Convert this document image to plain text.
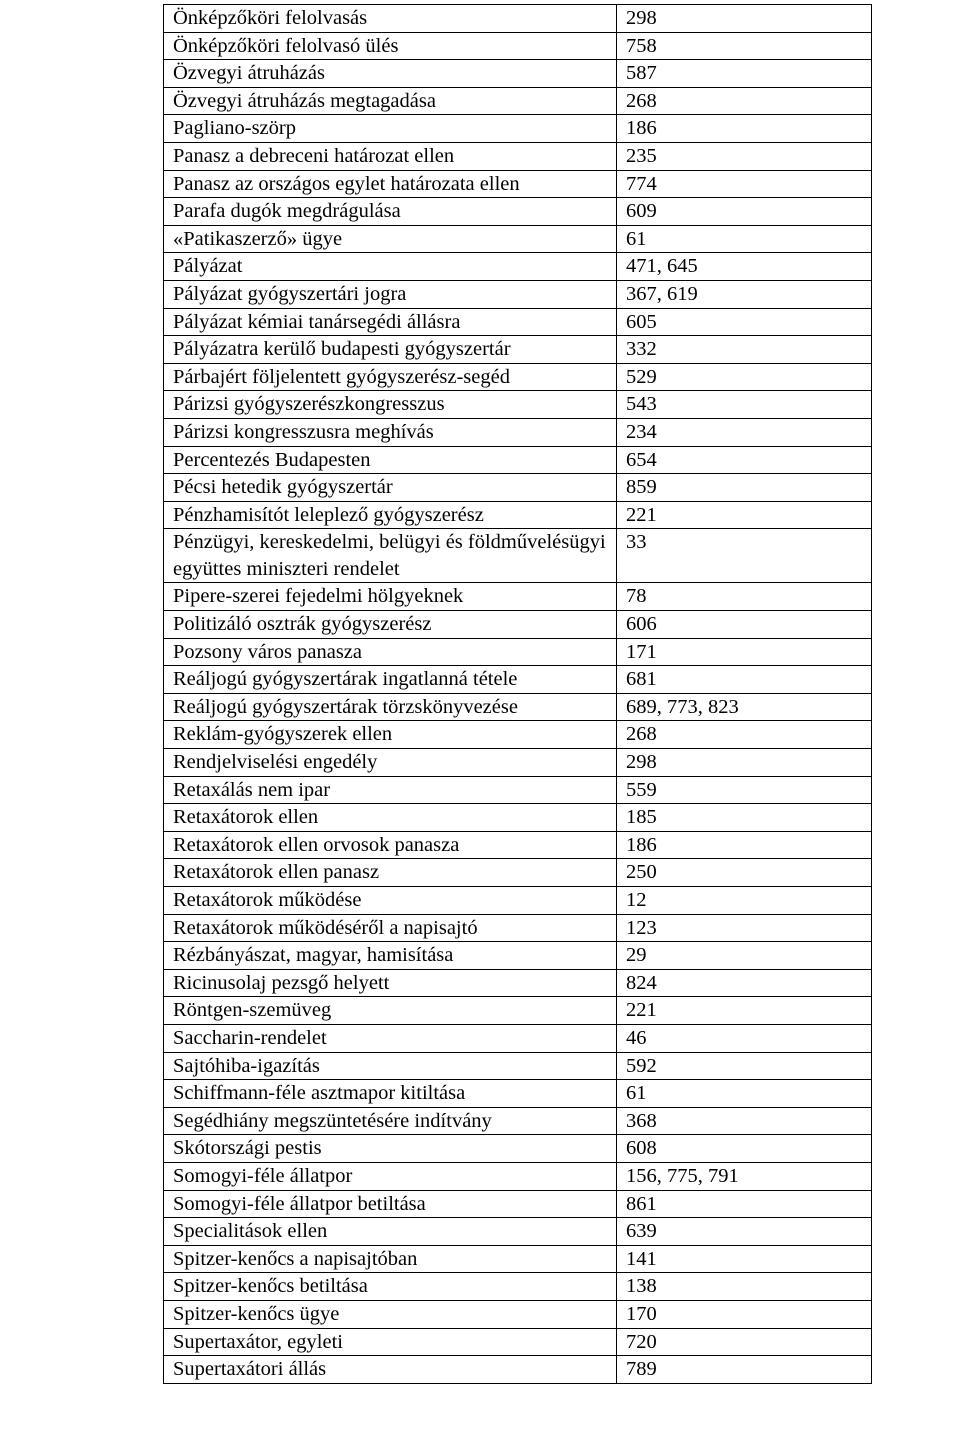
Önképzőköri felolvasás	298
Önképzőköri felolvasó ülés	758
Özvegyi átruházás	587
Özvegyi átruházás megtagadása	268
Pagliano-szörp	186
Panasz a debreceni határozat ellen	235
Panasz az országos egylet határozata ellen	774
Parafa dugók megdrágulása	609
«Patikaszerző» ügye	61
Pályázat	471, 645
Pályázat gyógyszertári jogra	367, 619
Pályázat kémiai tanársegédi állásra	605
Pályázatra kerülő budapesti gyógyszertár	332
Párbajért följelentett gyógyszerész-segéd	529
Párizsi gyógyszerészkongresszus	543
Párizsi kongresszusra meghívás	234
Percentezés Budapesten	654
Pécsi hetedik gyógyszertár	859
Pénzhamisítót leleplező gyógyszerész	221
Pénzügyi, kereskedelmi, belügyi és földművelésügyi együttes miniszteri rendelet	33
Pipere-szerei fejedelmi hölgyeknek	78
Politizáló osztrák gyógyszerész	606
Pozsony város panasza	171
Reáljogú gyógyszertárak ingatlanná tétele	681
Reáljogú gyógyszertárak törzskönyvezése	689, 773, 823
Reklám-gyógyszerek ellen	268
Rendjelviselési engedély	298
Retaxálás nem ipar	559
Retaxátorok ellen	185
Retaxátorok ellen orvosok panasza	186
Retaxátorok ellen panasz	250
Retaxátorok működése	12
Retaxátorok működéséről a napisajtó	123
Rézbányászat, magyar, hamisítása	29
Ricinusolaj pezsgő helyett	824
Röntgen-szemüveg	221
Saccharin-rendelet	46
Sajtóhiba-igazítás	592
Schiffmann-féle asztmapor kitiltása	61
Segédhiány megszüntetésére indítvány	368
Skótországi pestis	608
Somogyi-féle állatpor	156, 775, 791
Somogyi-féle állatpor betiltása	861
Specialitások ellen	639
Spitzer-kenőcs a napisajtóban	141
Spitzer-kenőcs betiltása	138
Spitzer-kenőcs ügye	170
Supertaxátor, egyleti	720
Supertaxátori állás	789
